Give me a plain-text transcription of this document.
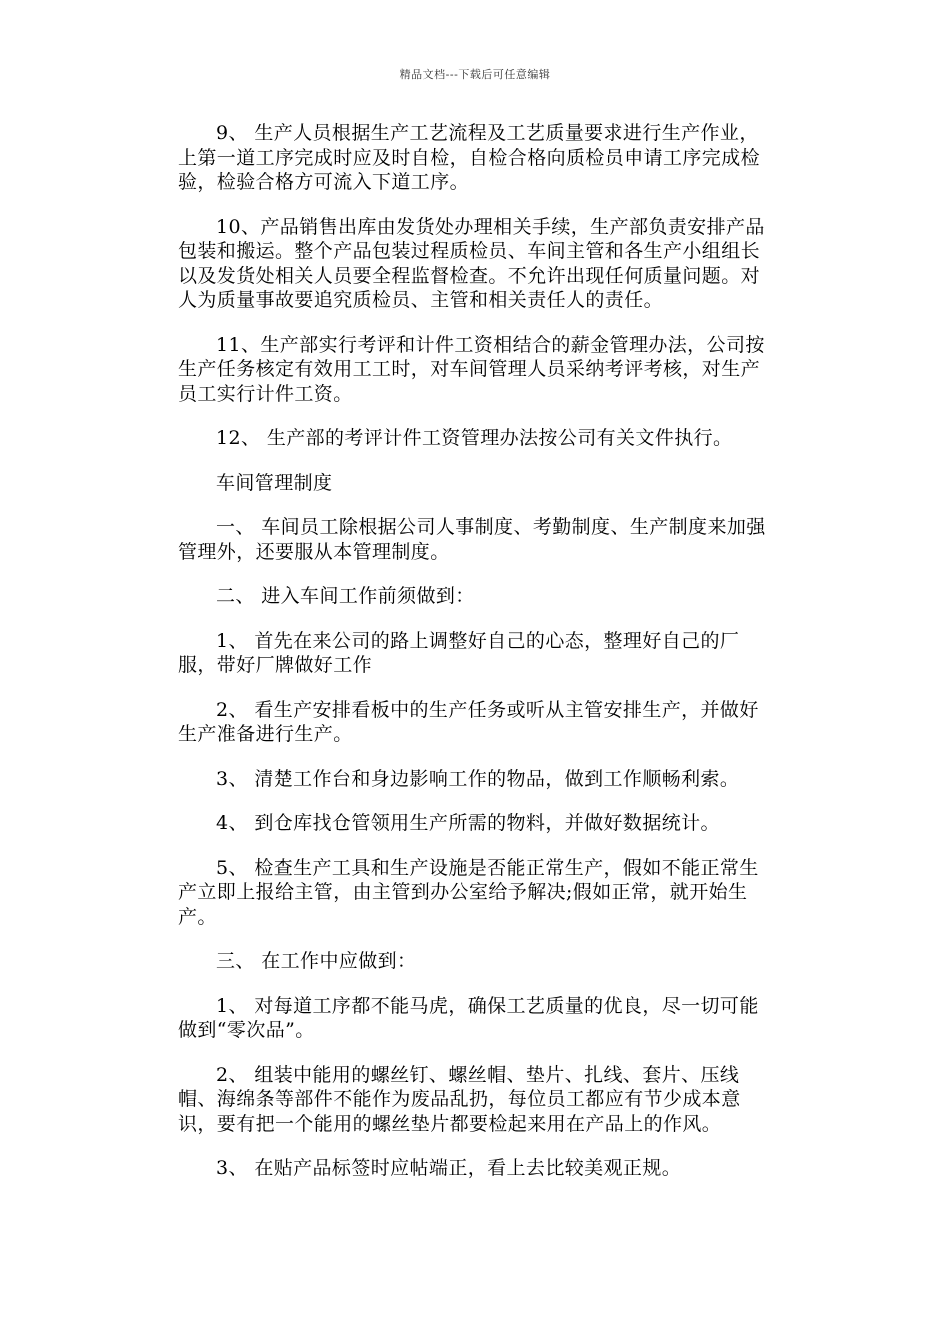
精品文档---下载后可任意编辑

9、 生产人员根据生产工艺流程及工艺质量要求进行生产作业，上第一道工序完成时应及时自检，自检合格向质检员申请工序完成检验，检验合格方可流入下道工序。

10、产品销售出库由发货处办理相关手续，生产部负责安排产品包装和搬运。整个产品包装过程质检员、车间主管和各生产小组组长以及发货处相关人员要全程监督检查。不允许出现任何质量问题。对人为质量事故要追究质检员、主管和相关责任人的责任。

11、生产部实行考评和计件工资相结合的薪金管理办法，公司按生产任务核定有效用工工时，对车间管理人员采纳考评考核，对生产员工实行计件工资。

12、 生产部的考评计件工资管理办法按公司有关文件执行。

车间管理制度

一、 车间员工除根据公司人事制度、考勤制度、生产制度来加强管理外，还要服从本管理制度。

二、 进入车间工作前须做到：

1、 首先在来公司的路上调整好自己的心态，整理好自己的厂服，带好厂牌做好工作

2、 看生产安排看板中的生产任务或听从主管安排生产，并做好生产准备进行生产。

3、 清楚工作台和身边影响工作的物品，做到工作顺畅利索。

4、 到仓库找仓管领用生产所需的物料，并做好数据统计。

5、 检查生产工具和生产设施是否能正常生产，假如不能正常生产立即上报给主管，由主管到办公室给予解决;假如正常，就开始生产。

三、 在工作中应做到：

1、 对每道工序都不能马虎，确保工艺质量的优良，尽一切可能做到“零次品”。

2、 组装中能用的螺丝钉、螺丝帽、垫片、扎线、套片、压线帽、海绵条等部件不能作为废品乱扔，每位员工都应有节少成本意识，要有把一个能用的螺丝垫片都要检起来用在产品上的作风。

3、 在贴产品标签时应帖端正，看上去比较美观正规。
